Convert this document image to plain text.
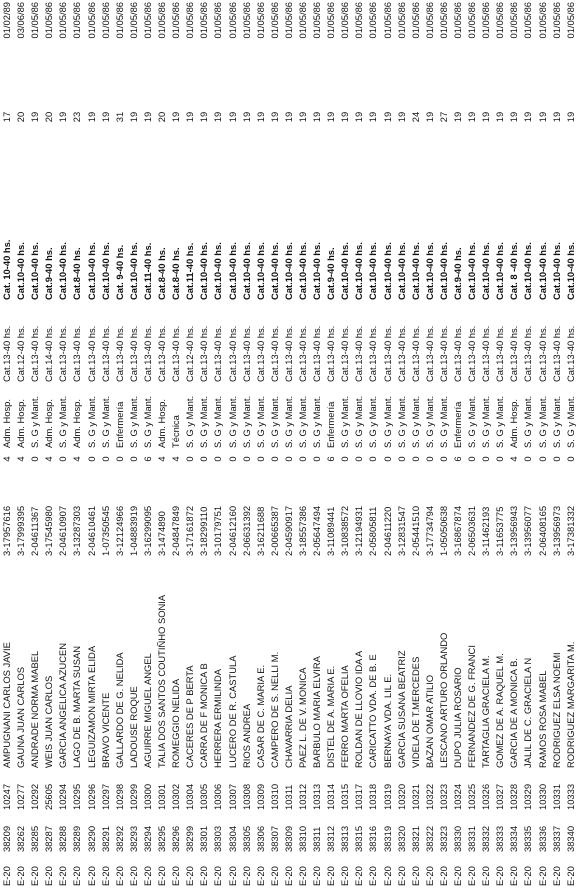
E-20	38209	10247	AMPUGNANI CARLOS JAVIE	3-17957616	4	Adm. Hosp.	Cat.13-40 hs.	Cat. 10-40 hs.	17	01/02/89
E-20	38262	10277	GAUNA JUAN CARLOS	3-17999395	4	Adm. Hosp.	Cat.12-40 hs.	Cat.10-40 hs.	20	03/06/86
E-20	38285	10292	ANDRADE NORMA MABEL	2-04611367	0	S. G y Mant.	Cat.13-40 hs.	Cat.10-40 hs.	19	01/05/86
E-20	38287	25605	WEIS JUAN CARLOS	3-17545980	4	Adm. Hosp.	Cat.14-40 hs.	Cat.9-40 hs.	20	01/05/86
E-20	38288	10294	GARCIA ANGELICA AZUCEN	2-04610907	0	S. G y Mant.	Cat.13-40 hs.	Cat.10-40 hs.	19	01/05/86
E-20	38289	10295	LAGO DE B. MARTA SUSAN	3-13287303	4	Adm. Hosp.	Cat.13-40 hs.	Cat.8-40 hs.	23	01/05/86
E-20	38290	10296	LEGUIZAMON MIRTA ELIDA	2-04610461	0	S. G y Mant.	Cat.13-40 hs.	Cat.10-40 hs.	19	01/05/86
E-20	38291	10297	BRAVO VICENTE	1-07350545	0	S. G y Mant.	Cat.13-40 hs.	Cat.10-40 hs.	19	01/05/86
E-20	38292	10298	GALLARDO DE G. NELIDA	3-12124966	0	Enfermería	Cat.13-40 hs.	Cat. 9-40 hs.	31	01/05/86
E-20	38293	10299	LADOUSE ROQUE	1-04883919	0	S. G y Mant.	Cat.13-40 hs.	Cat.10-40 hs.	19	01/05/86
E-20	38294	10300	AGUIRRE MIGUEL ANGEL	3-16299095	6	S. G y Mant.	Cat.13-40 hs.	Cat.11-40 hs.	19	01/05/86
E-20	38295	10301	TALIA DOS SANTOS COUTIÑHO SONIA	3-1474890	4	Adm. Hosp.	Cat.13-40 hs.	Cat.8-40 hs.	20	01/05/86
E-20	38296	10302	ROMEGGIO NELIDA	2-04847849	4	Técnica	Cat.13-40 hs.	Cat.8-40 hs.	19	01/05/86
E-20	38299	10304	CACERES DE P BERTA	3-17161872	0	S. G y Mant.	Cat.12-40 hs.	Cat.11-40 hs.	19	01/05/86
E-20	38301	10305	CARRA DE F MONICA B	3-18299110	0	S. G y Mant.	Cat.13-40 hs.	Cat.10-40 hs.	19	01/05/86
E-20	38303	10306	HERRERA ERMILINDA	3-10179751	0	S. G y Mant.	Cat.13-40 hs.	Cat.10-40 hs.	19	01/05/86
E-20	38304	10307	LUCERO DE R. CASTULA	2-04612160	0	S. G y Mant.	Cat.13-40 hs.	Cat.10-40 hs.	19	01/05/86
E-20	38305	10308	RIOS ANDREA	2-06631392	0	S. G y Mant.	Cat.13-40 hs.	Cat.10-40 hs.	19	01/05/86
E-20	38306	10309	CASAR DE C. MARIA E.	3-16211688	0	S. G y Mant.	Cat.13-40 hs.	Cat.10-40 hs.	19	01/05/86
E-20	38307	10310	CAMPERO DE S. NELLI M.	2-00665387	0	S. G y Mant.	Cat.13-40 hs.	Cat.10-40 hs.	19	01/05/86
E-20	38309	10311	CHAVARRIA DELIA	2-04590917	0	S. G y Mant.	Cat.13-40 hs.	Cat.10-40 hs.	19	01/05/86
E-20	38310	10312	PAEZ L. DE V. MONICA	3-18557386	0	S. G y Mant.	Cat.13-40 hs.	Cat.10-40 hs.	19	01/05/86
E-20	38311	10313	BARBULO MARIA ELVIRA	2-05647494	0	S. G y Mant.	Cat.13-40 hs.	Cat.10-40 hs.	19	01/05/86
E-20	38312	10314	DISTEL DE A. MARIA E.	3-11089441	6	Enfermería	Cat.13-40 hs.	Cat.9-40 hs.	19	01/05/86
E-20	38313	10315	FERRO MARTA OFELIA	3-10838572	0	S. G y Mant.	Cat.13-40 hs.	Cat.10-40 hs.	19	01/05/86
E-20	38315	10317	ROLDAN DE LLOVIO IDA A	3-12194931	0	S. G y Mant.	Cat.13-40 hs.	Cat.10-40 hs.	19	01/05/86
E-20	38316	10318	CARICATTO VDA. DE B. E	2-05805811	0	S. G y Mant.	Cat.13-40 hs.	Cat.10-40 hs.	19	01/05/86
E-20	38319	10319	BERNAYA VDA. LIL E.	2-04611220	0	S. G y Mant.	Cat.13-40 hs.	Cat.10-40 hs.	19	01/05/86
E-20	38320	10320	GARCIA SUSANA BEATRIZ	3-12831547	0	S. G y Mant.	Cat.13-40 hs.	Cat.10-40 hs.	19	01/05/86
E-20	38321	10321	VIDELA DE T.MERCEDES	2-05441510	0	S. G y Mant.	Cat.13-40 hs.	Cat.10-40 hs.	24	01/05/86
E-20	38322	10322	BAZAN OMAR ATILIO	3-17734794	0	S. G y Mant.	Cat.13-40 hs.	Cat.10-40 hs.	19	01/05/86
E-20	38323	10323	LESCANO ARTURO ORLANDO	1-05050638	0	S. G y Mant.	Cat.13-40 hs.	Cat.10-40 hs.	27	01/05/86
E-20	38330	10324	DUPO JULIA ROSARIO	3-16867874	6	Enfermería	Cat.13-40 hs.	Cat.9-40 hs.	19	01/05/86
E-20	38331	10325	FERNANDEZ DE G. FRANCI	2-06503631	0	S. G y Mant.	Cat.13-40 hs.	Cat.10-40 hs.	19	01/05/86
E-20	38332	10326	TARTAGLIA GRACIELA M.	3-11462193	0	S. G y Mant.	Cat.13-40 hs.	Cat.10-40 hs.	19	01/05/86
E-20	38333	10327	GOMEZ DE A. RAQUEL M.	3-11653775	0	S. G y Mant.	Cat.13-40 hs.	Cat.10-40 hs.	19	01/05/86
E-20	38334	10328	GARCIA DE A MONICA B.	3-13956943	4	Adm. Hosp.	Cat.13-40 hs.	Cat. 8 -40 hs.	19	01/05/86
E-20	38335	10329	JALIL DE C. GRACIELA N	3-13956077	0	S. G y Mant.	Cat.13-40 hs.	Cat.10-40 hs.	19	01/05/86
E-20	38336	10330	RAMOS ROSA MABEL	2-06408165	0	S. G y Mant.	Cat.13-40 hs.	Cat.10-40 hs.	19	01/05/86
E-20	38337	10331	RODRIGUEZ ELSA NOEMI	3-13956973	0	S. G y Mant.	Cat.13-40 hs.	Cat.10-40 hs.	19	01/05/86
E-20	38340	10333	RODRIGUEZ MARGARITA M.	3-17381332	0	S. G y Mant.	Cat.13-40 hs.	Cat.10-40 hs.	19	01/05/86
